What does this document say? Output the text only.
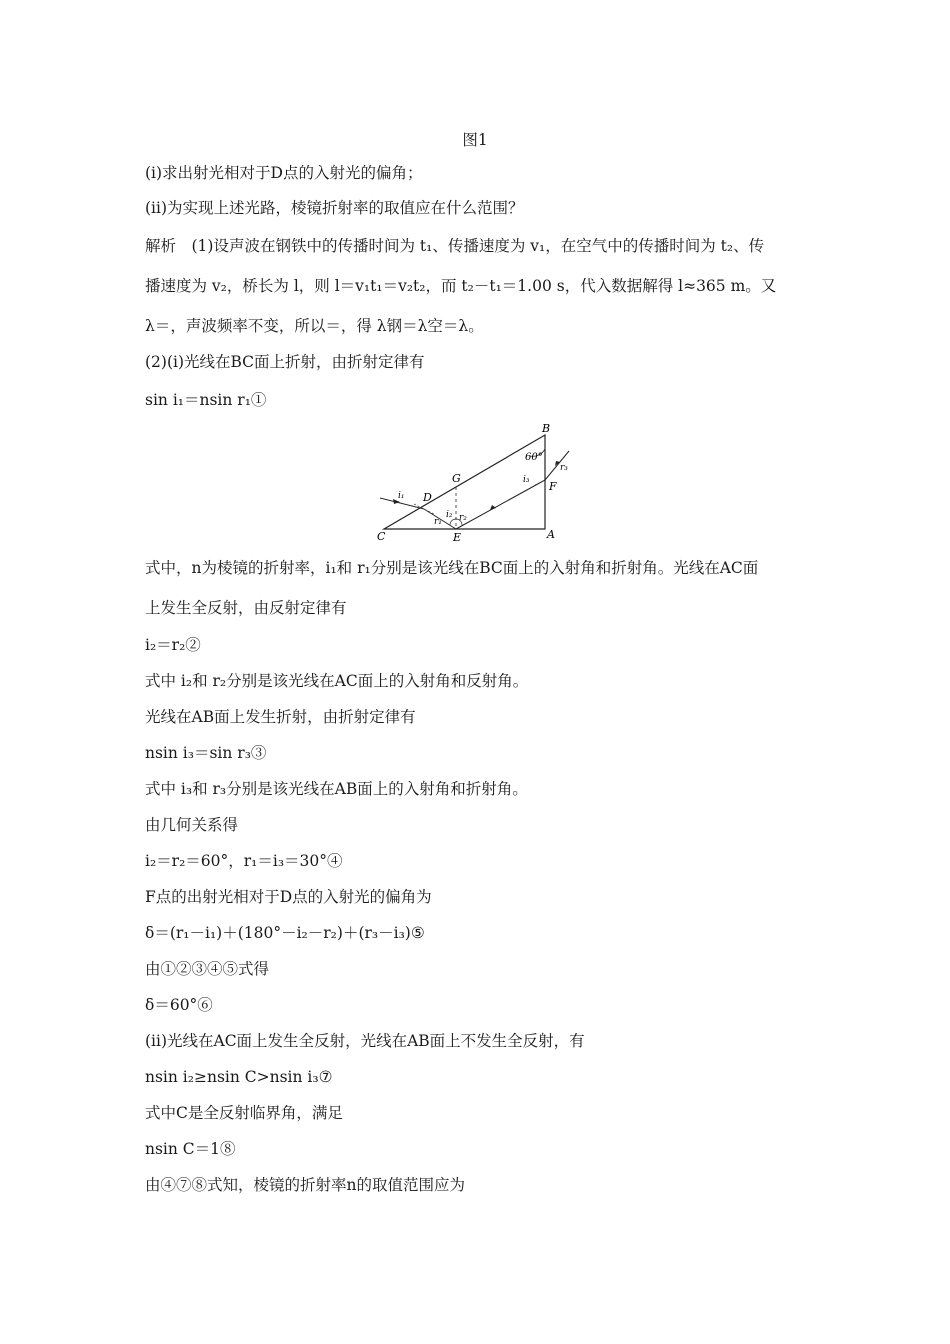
图1
(ⅰ)求出射光相对于D点的入射光的偏角；
(ⅱ)为实现上述光路，棱镜折射率的取值应在什么范围？
解析　(1)设声波在钢铁中的传播时间为 t₁、传播速度为 v₁，在空气中的传播时间为 t₂、传
播速度为 v₂，桥长为 l，则 l＝v₁t₁＝v₂t₂，而 t₂－t₁＝1.00 s，代入数据解得 l≈365 m。又
λ＝，声波频率不变，所以＝，得 λ钢＝λ空＝λ。
(2)(ⅰ)光线在BC面上折射，由折射定律有
sin i₁＝nsin r₁①
B
A
C
G
D
E
F
60°
i₁
r₁
i₂ r₂
i₃
r₃
式中，n为棱镜的折射率，i₁和 r₁分别是该光线在BC面上的入射角和折射角。光线在AC面
上发生全反射，由反射定律有
i₂＝r₂②
式中 i₂和 r₂分别是该光线在AC面上的入射角和反射角。
光线在AB面上发生折射，由折射定律有
nsin i₃＝sin r₃③
式中 i₃和 r₃分别是该光线在AB面上的入射角和折射角。
由几何关系得
i₂＝r₂＝60°，r₁＝i₃＝30°④
F点的出射光相对于D点的入射光的偏角为
δ＝(r₁－i₁)＋(180°－i₂－r₂)＋(r₃－i₃)⑤
由①②③④⑤式得
δ＝60°⑥
(ⅱ)光线在AC面上发生全反射，光线在AB面上不发生全反射，有
nsin i₂≥nsin C>nsin i₃⑦
式中C是全反射临界角，满足
nsin C＝1⑧
由④⑦⑧式知，棱镜的折射率n的取值范围应为
